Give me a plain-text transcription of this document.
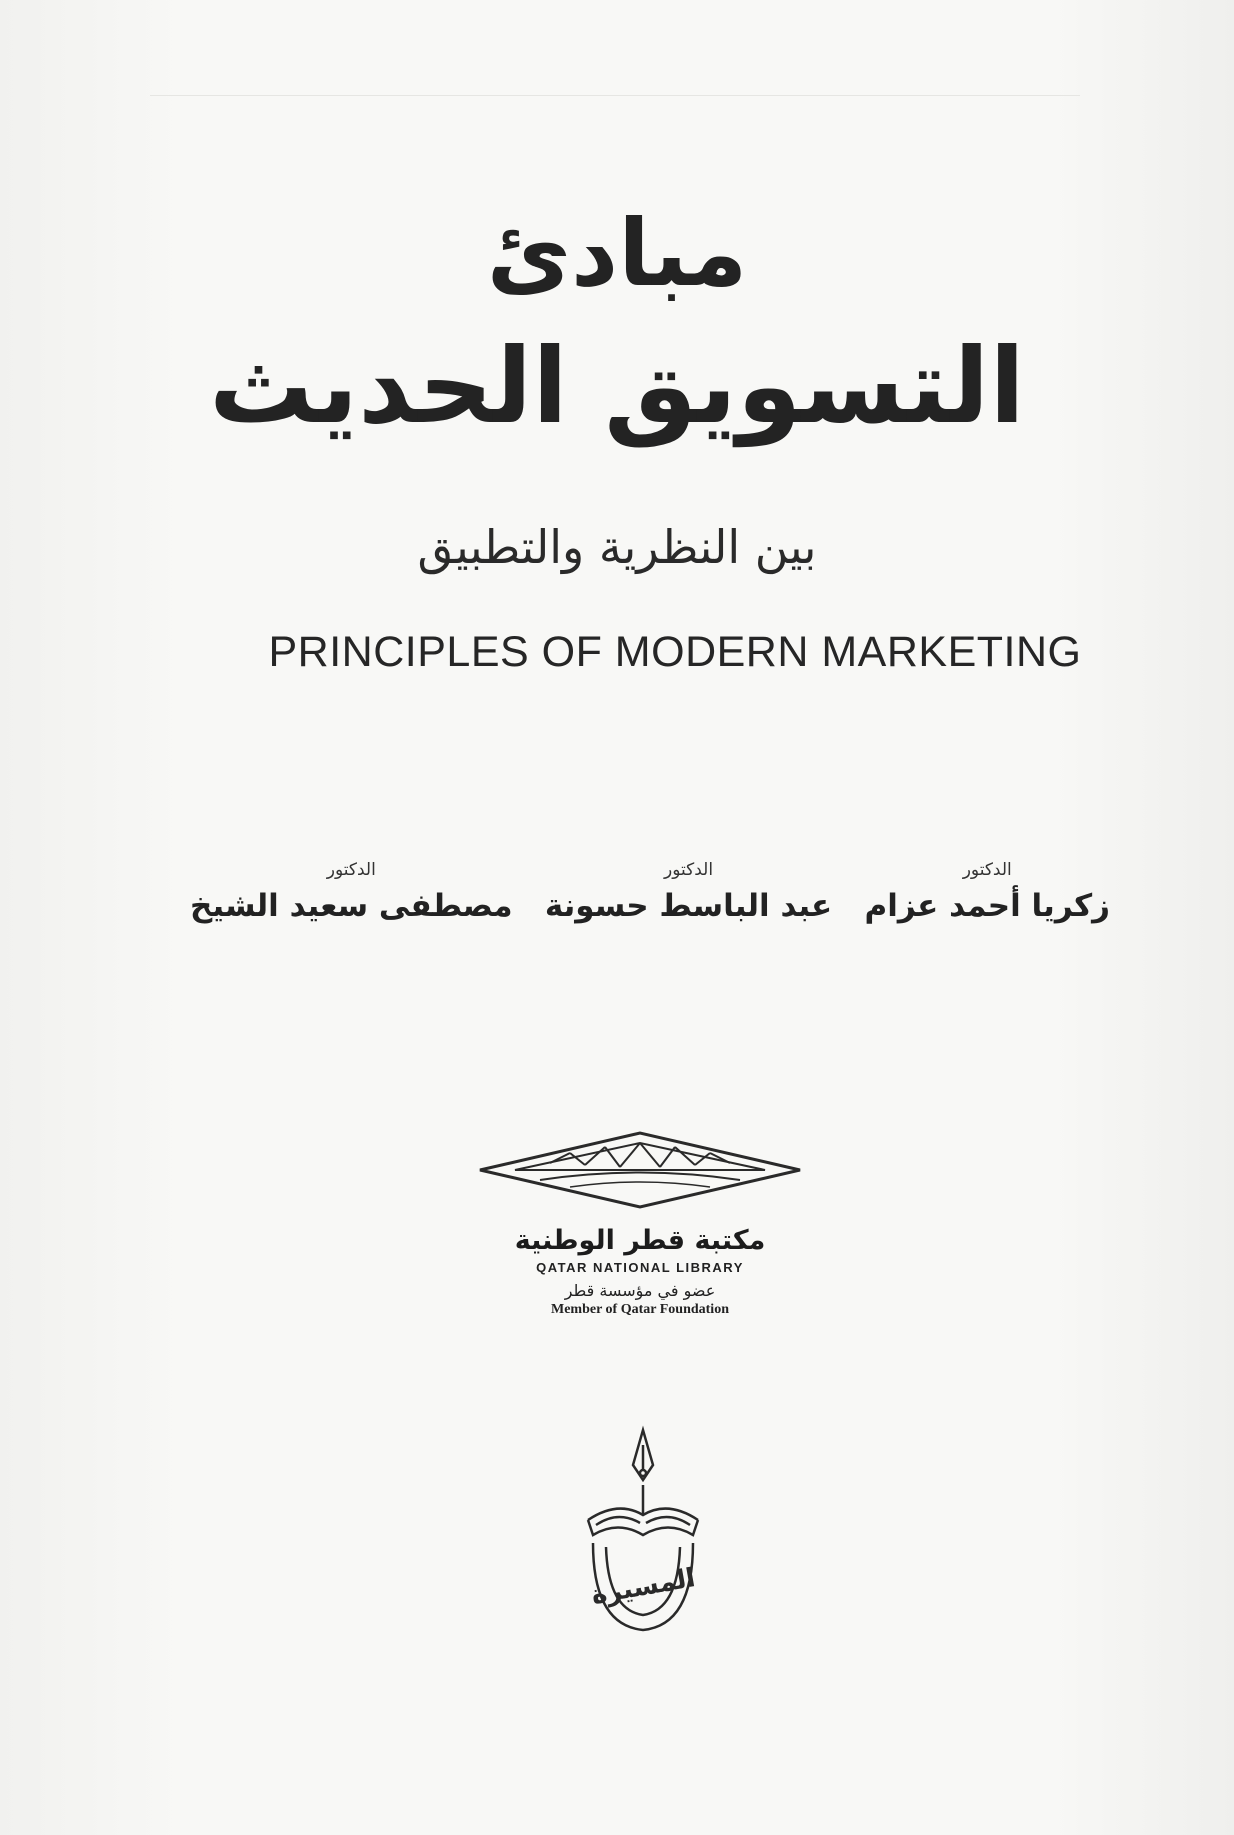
مبادئ
التسويق الحديث
بين النظرية والتطبيق
PRINCIPLES OF MODERN MARKETING
الدكتور
زكريا أحمد عزام
الدكتور
عبد الباسط حسونة
الدكتور
مصطفى سعيد الشيخ
مكتبة قطر الوطنية
QATAR NATIONAL LIBRARY
عضو في مؤسسة قطر
Member of Qatar Foundation
المسيرة
